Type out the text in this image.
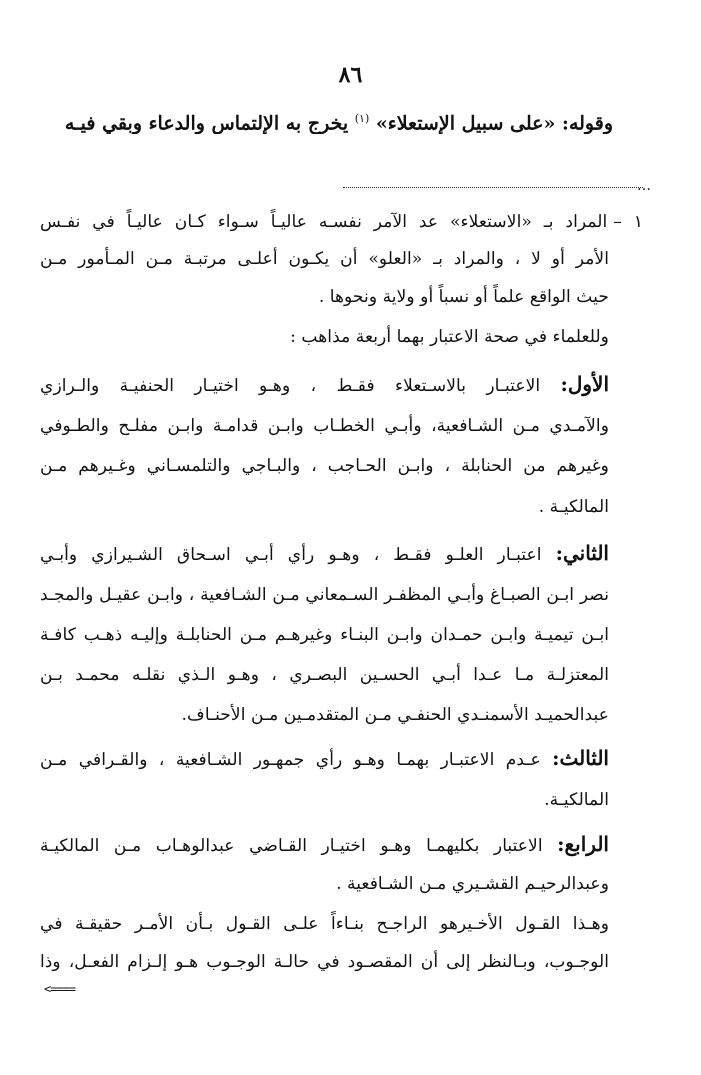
٨٦
وقوله: «على سبيل الإستعلاء» $^{(١)}$ يخرج به الإلتماس والدعاء وبقي فيـه
…
١ –المراد بـ «الاستعلاء» عد الآمر نفسـه عاليـاً سـواء كـان عاليـاً في نفـس
الأمر أو لا ، والمراد بـ «العلو» أن يكـون أعلـى مرتبـة مـن المـأمور مـن
حيث الواقع علماً أو نسباً أو ولاية ونحوها .
وللعلماء في صحة الاعتبار بهما أربعة مذاهب :
الأول: الاعتبـار بالاسـتعلاء فقـط ، وهـو اختيـار الحنفيـة والـرازي
والآمـدي مـن الشـافعية، وأبـي الخطـاب وابـن قدامـة وابـن مفلـح والطـوفي
وغيرهم من الحنابلة ، وابـن الحـاجب ، والبـاجي والتلمسـاني وغـيرهم مـن
المالكيـة .
الثاني: اعتبـار العلـو فقـط ، وهـو رأي أبـي اسـحاق الشـيرازي وأبـي
نصر ابـن الصبـاغ وأبـي المظفـر السـمعاني مـن الشـافعية ، وابـن عقيـل والمجـد
ابـن تيميـة وابـن حمـدان وابـن البنـاء وغيرهـم مـن الحنابلـة وإليـه ذهـب كافـة
المعتزلـة مـا عـدا أبـي الحسـين البصـري ، وهـو الـذي نقلـه محمـد بـن
عبدالحميـد الأسمنـدي الحنفـي مـن المتقدمـين مـن الأحنـاف.
الثالث: عـدم الاعتبـار بهمـا وهـو رأي جمهـور الشـافعية ، والقـرافي مـن
المالكيـة.
الرابع: الاعتبار بكليهمـا وهـو اختيـار القـاضي عبدالوهـاب مـن المالكيـة
وعبدالرحيـم القشـيري مـن الشـافعية .
وهـذا القـول الأخـيرهو الراجـح بنـاءاً علـى القـول بـأن الأمـر حقيقـة في
الوجـوب، وبـالنظر إلى أن المقصـود في حالـة الوجـوب هـو إلـزام الفعـل، وذا
<====
